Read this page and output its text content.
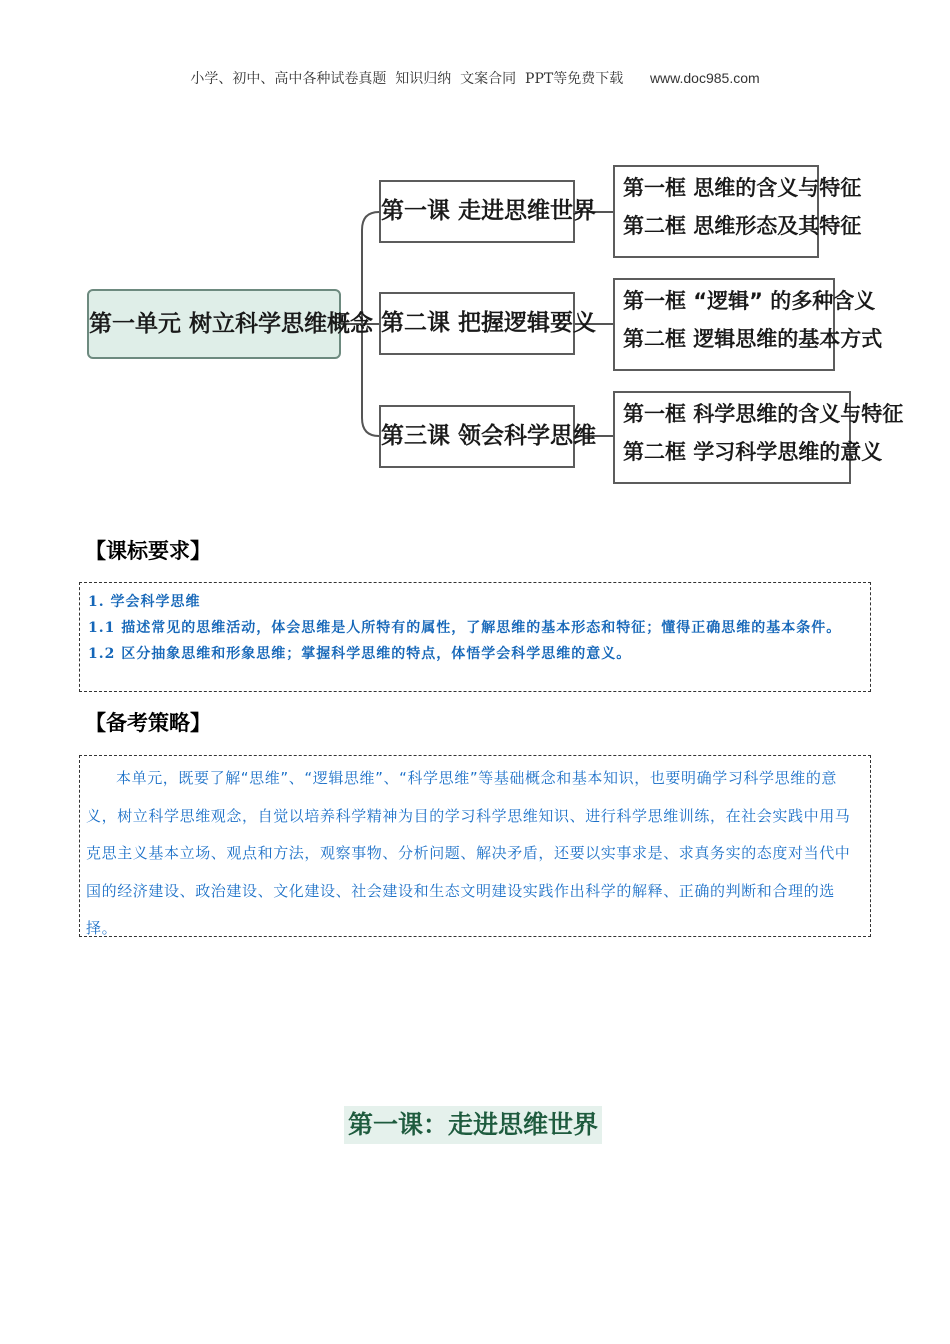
小学、初中、高中各种试卷真题  知识归纳  文案合同  PPT等免费下载 www.doc985.com
第一单元 树立科学思维概念
第一课 走进思维世界
第二课 把握逻辑要义
第三课 领会科学思维
第一框 思维的含义与特征
第二框 思维形态及其特征
第一框 “逻辑” 的多种含义
第二框 逻辑思维的基本方式
第一框 科学思维的含义与特征
第二框 学习科学思维的意义
【课标要求】

1. 学会科学思维

1.1 描述常见的思维活动，体会思维是人所特有的属性，了解思维的基本形态和特征；懂得正确思维的基本条件。

1.2 区分抽象思维和形象思维；掌握科学思维的特点，体悟学会科学思维的意义。

【备考策略】

本单元，既要了解“思维”、“逻辑思维”、“科学思维”等基础概念和基本知识，也要明确学习科学思维的意义，树立科学思维观念，自觉以培养科学精神为目的学习科学思维知识、进行科学思维训练，在社会实践中用马克思主义基本立场、观点和方法，观察事物、分析问题、解决矛盾，还要以实事求是、求真务实的态度对当代中国的经济建设、政治建设、文化建设、社会建设和生态文明建设实践作出科学的解释、正确的判断和合理的选择。

第一课：走进思维世界
